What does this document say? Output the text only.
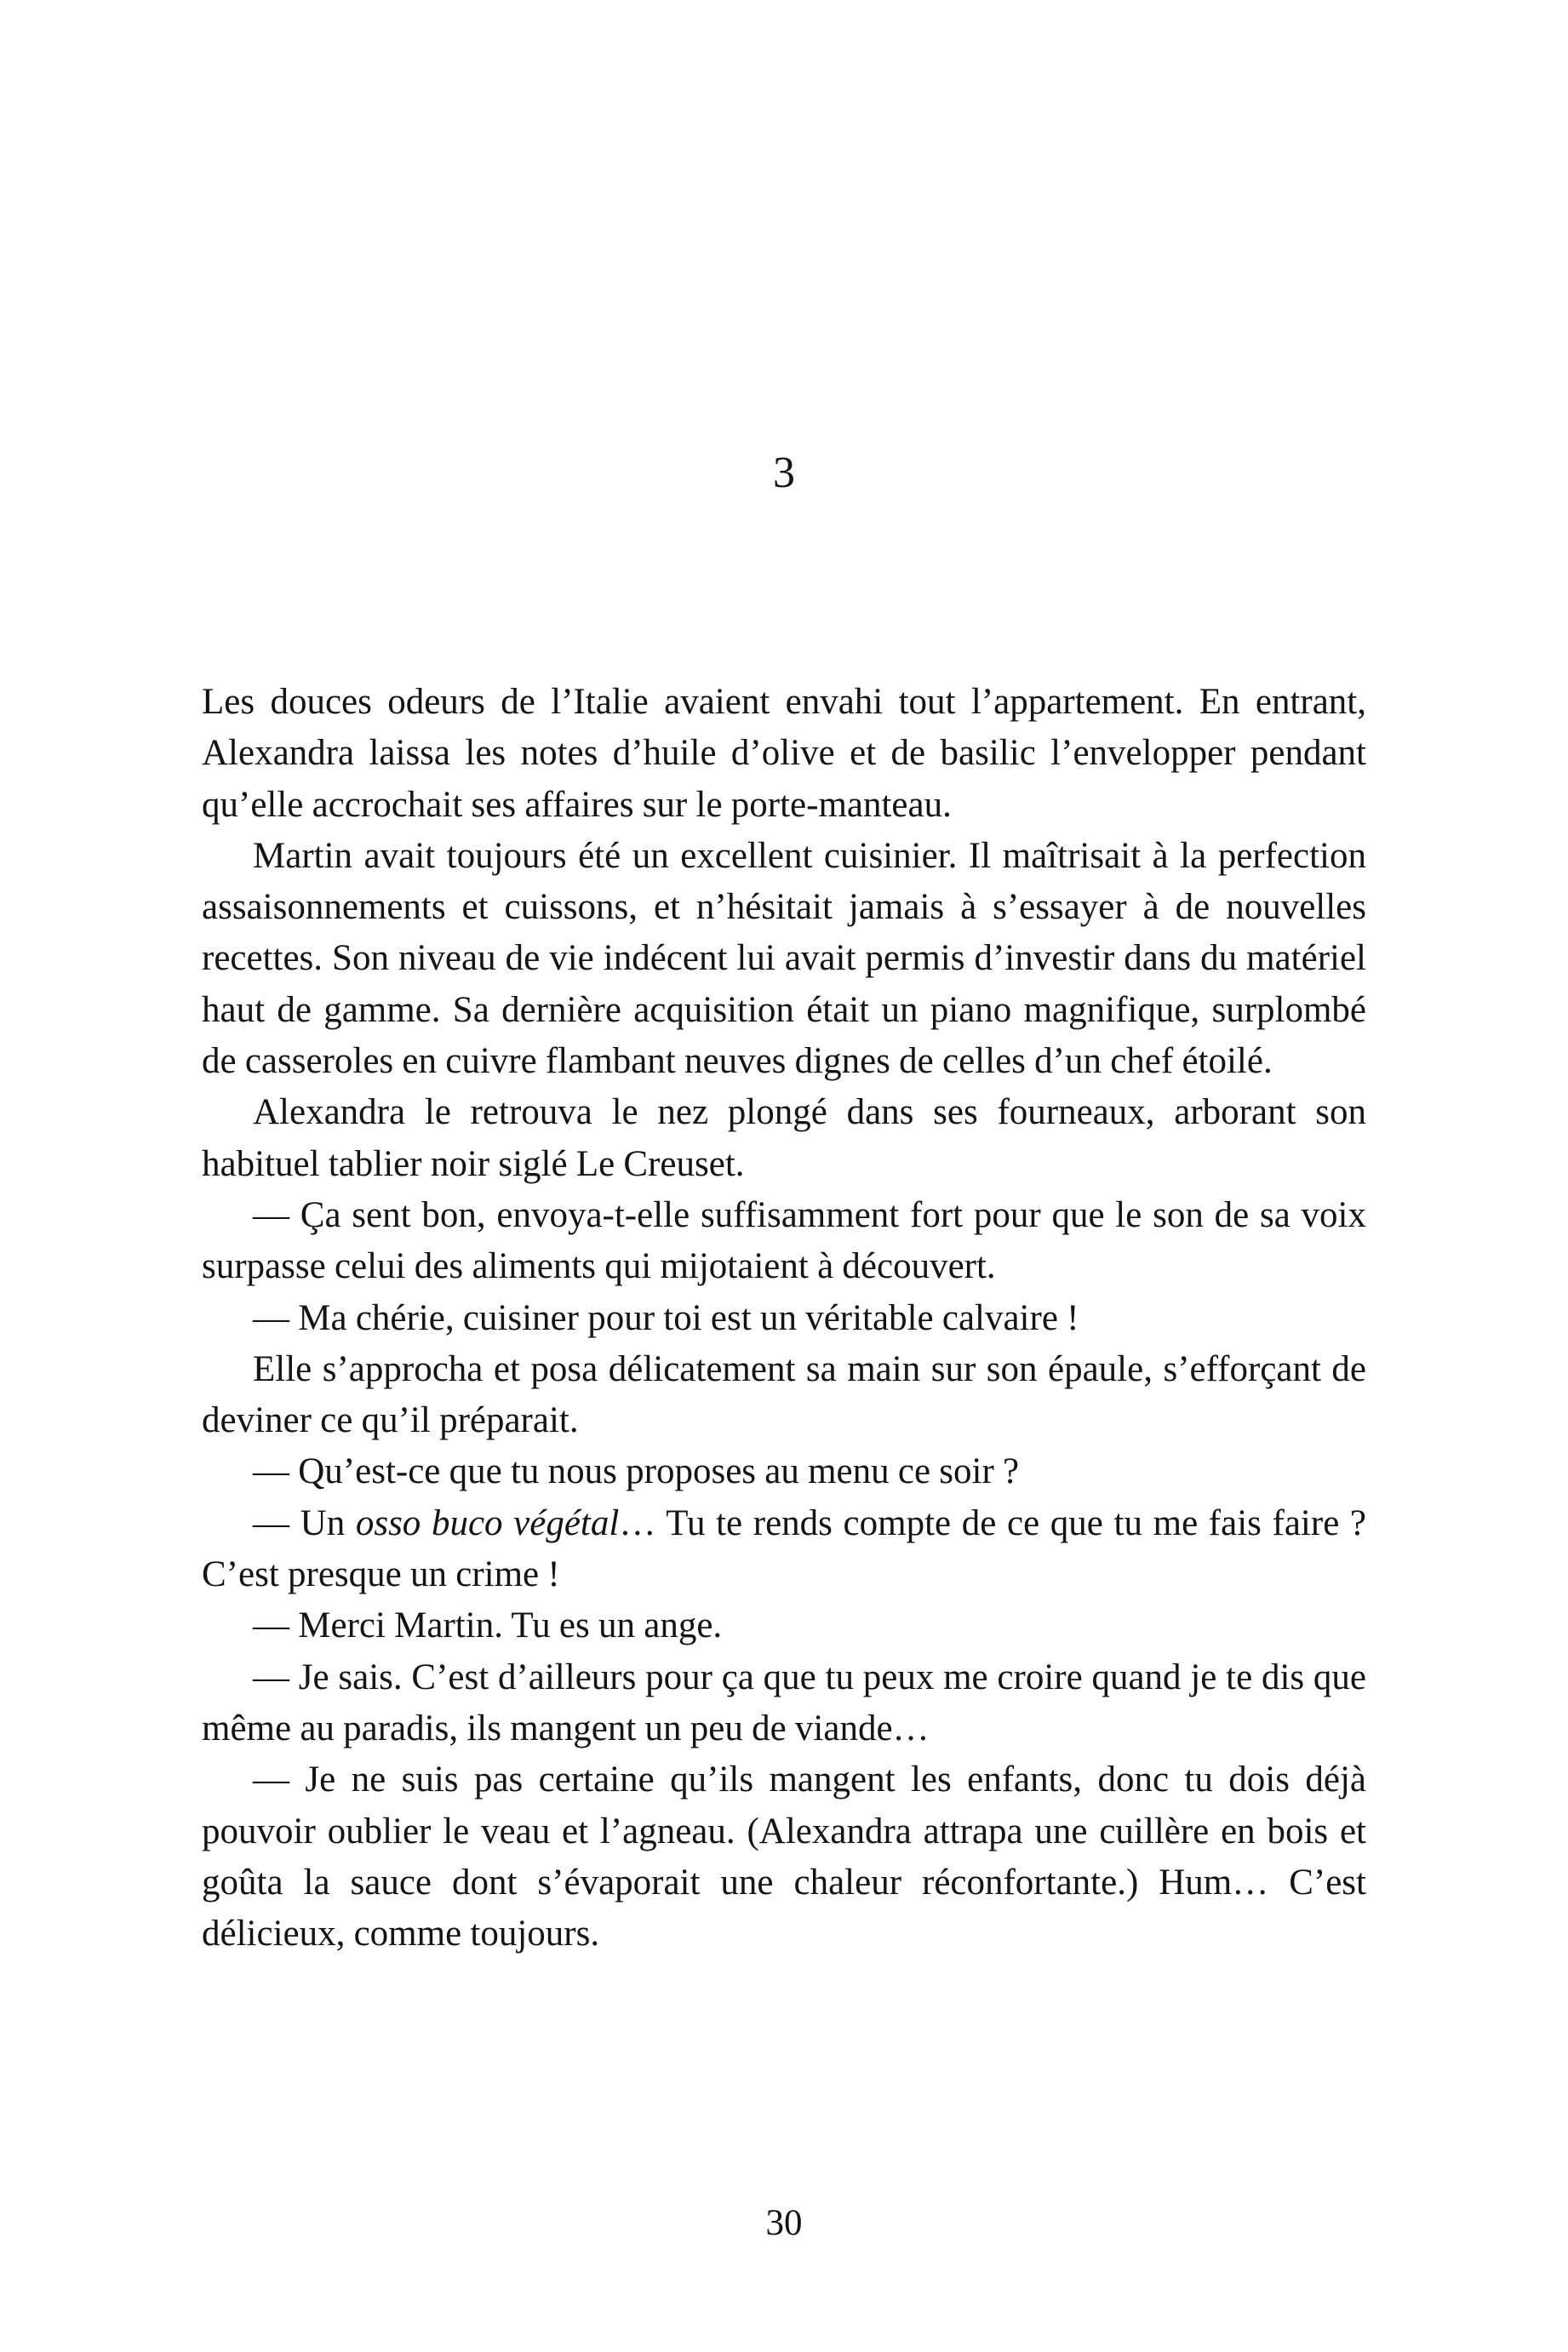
3

Les douces odeurs de l’Italie avaient envahi tout l’appartement. En entrant, Alexandra laissa les notes d’huile d’olive et de basilic l’envelopper pendant qu’elle accrochait ses affaires sur le porte-manteau.

Martin avait toujours été un excellent cuisinier. Il maîtrisait à la perfection assaisonnements et cuissons, et n’hésitait jamais à s’essayer à de nouvelles recettes. Son niveau de vie indécent lui avait permis d’investir dans du matériel haut de gamme. Sa dernière acquisition était un piano magnifique, surplombé de casseroles en cuivre flambant neuves dignes de celles d’un chef étoilé.

Alexandra le retrouva le nez plongé dans ses fourneaux, arborant son habituel tablier noir siglé Le Creuset.

— Ça sent bon, envoya-t-elle suffisamment fort pour que le son de sa voix surpasse celui des aliments qui mijotaient à découvert.

— Ma chérie, cuisiner pour toi est un véritable calvaire !

Elle s’approcha et posa délicatement sa main sur son épaule, s’efforçant de deviner ce qu’il préparait.

— Qu’est-ce que tu nous proposes au menu ce soir ?

— Un osso buco végétal… Tu te rends compte de ce que tu me fais faire ? C’est presque un crime !

— Merci Martin. Tu es un ange.

— Je sais. C’est d’ailleurs pour ça que tu peux me croire quand je te dis que même au paradis, ils mangent un peu de viande…

— Je ne suis pas certaine qu’ils mangent les enfants, donc tu dois déjà pouvoir oublier le veau et l’agneau. (Alexandra attrapa une cuillère en bois et goûta la sauce dont s’évaporait une chaleur réconfortante.) Hum… C’est délicieux, comme toujours.

30
